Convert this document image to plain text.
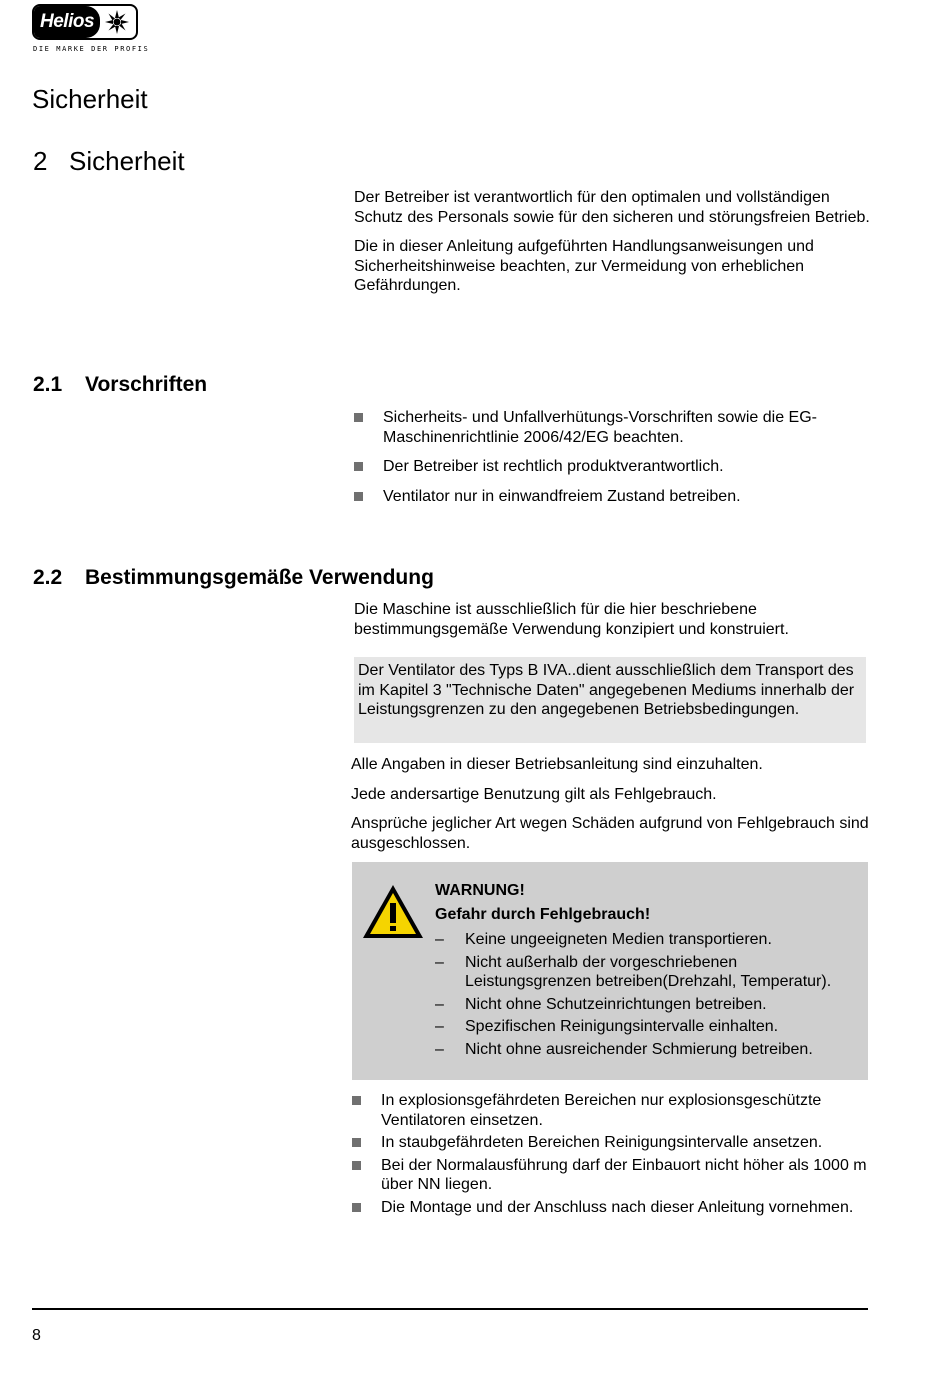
Helios
DIE MARKE DER PROFIS
Sicherheit
2 Sicherheit

Der Betreiber ist verantwortlich für den optimalen und vollständigen Schutz des Personals sowie für den sicheren und störungsfreien Betrieb.

Die in dieser Anleitung aufgeführten Handlungsanweisungen und Sicherheitshinweise beachten, zur Vermeidung von erheblichen Gefährdungen.

2.1 Vorschriften
Sicherheits- und Unfallverhütungs-Vorschriften sowie die EG-Maschinenrichtlinie 2006/42/EG beachten.
Der Betreiber ist rechtlich produktverantwortlich.
Ventilator nur in einwandfreiem Zustand betreiben.
2.2 Bestimmungsgemäße Verwendung

Die Maschine ist ausschließlich für die hier beschriebene bestimmungsgemäße Verwendung konzipiert und konstruiert.

Der Ventilator des Typs B IVA..dient ausschließlich dem Transport des im Kapitel 3 "Technische Daten" angegebenen Mediums innerhalb der Leistungsgrenzen zu den angegebenen Betriebsbedingungen.

Alle Angaben in dieser Betriebsanleitung sind einzuhalten.

Jede andersartige Benutzung gilt als Fehlgebrauch.

Ansprüche jeglicher Art wegen Schäden aufgrund von Fehlgebrauch sind ausgeschlossen.

WARNUNG!
Gefahr durch Fehlgebrauch!
–	Keine ungeeigneten Medien transportieren.
–	Nicht außerhalb der vorgeschriebenen Leistungsgrenzen betreiben(Drehzahl, Temperatur).
–	Nicht ohne Schutzeinrichtungen betreiben.
–	Spezifischen Reinigungsintervalle einhalten.
–	Nicht ohne ausreichender Schmierung betreiben.
In explosionsgefährdeten Bereichen nur explosionsgeschützte Ventilatoren einsetzen.
In staubgefährdeten Bereichen Reinigungsintervalle ansetzen.
Bei der Normalausführung darf der Einbauort nicht höher als 1000 m über NN liegen.
Die Montage und der Anschluss nach dieser Anleitung vornehmen.
8
